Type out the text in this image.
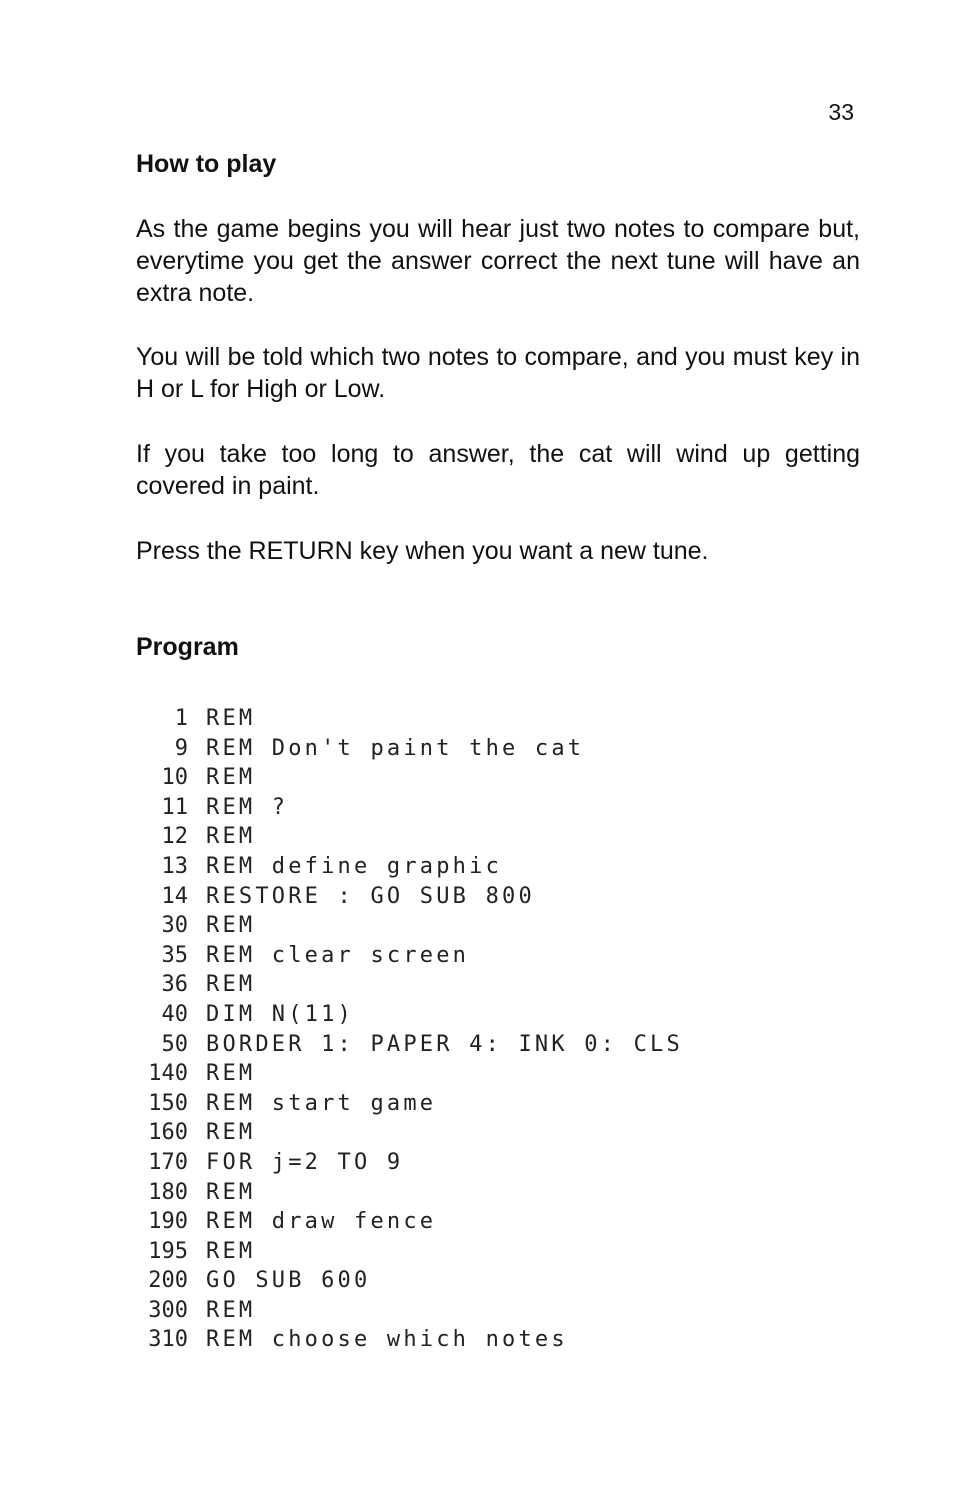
33
How to play

As the game begins you will hear just two notes to compare but, everytime you get the answer correct the next tune will have an extra note.

You will be told which two notes to compare, and you must key in H or L for High or Low.

If you take too long to answer, the cat will wind up getting covered in paint.

Press the RETURN key when you want a new tune.

Program
1 REM
9 REM Don't paint the cat
10 REM
11 REM ?
12 REM
13 REM define graphic
14 RESTORE : GO SUB 800
30 REM
35 REM clear screen
36 REM
40 DIM N(11)
50 BORDER 1: PAPER 4: INK 0: CLS
140 REM
150 REM start game
160 REM
170 FOR j=2 TO 9
180 REM
190 REM draw fence
195 REM
200 GO SUB 600
300 REM
310 REM choose which notes
